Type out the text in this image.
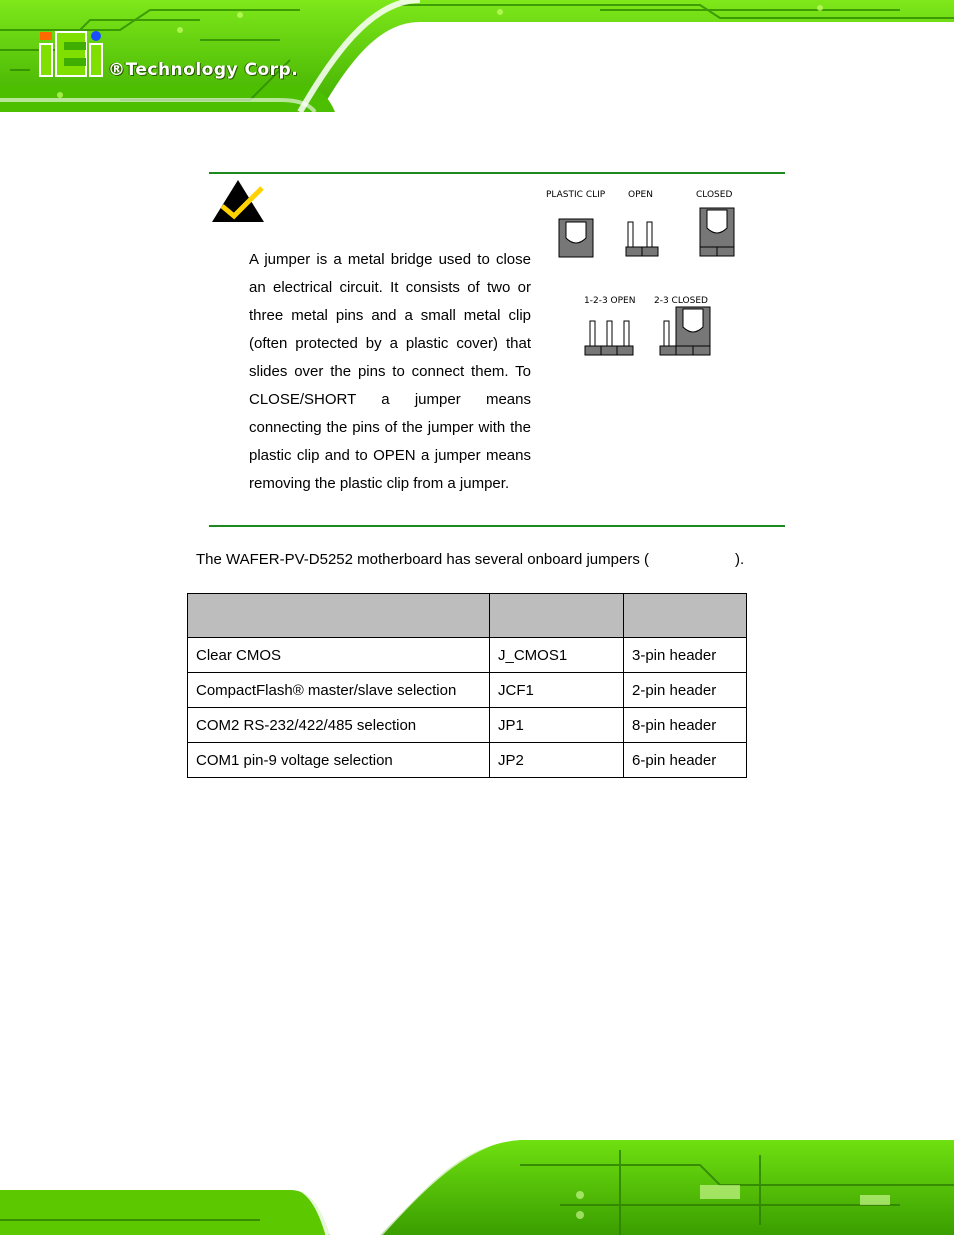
®Technology Corp.
A jumper is a metal bridge used to close an electrical circuit. It consists of two or three metal pins and a small metal clip (often protected by a plastic cover) that slides over the pins to connect them. To CLOSE/SHORT a jumper means connecting the pins of the jumper with the plastic clip and to OPEN a jumper means removing the plastic clip from a jumper.
PLASTIC CLIP	OPEN	CLOSED
1-2-3 OPEN 2-3 CLOSED
The WAFER-PV-D5252 motherboard has several onboard jumpers (	).

Clear CMOS	J_CMOS1	3-pin header
CompactFlash® master/slave selection	JCF1	2-pin header
COM2 RS-232/422/485 selection	JP1	8-pin header
COM1 pin-9 voltage selection	JP2	6-pin header
